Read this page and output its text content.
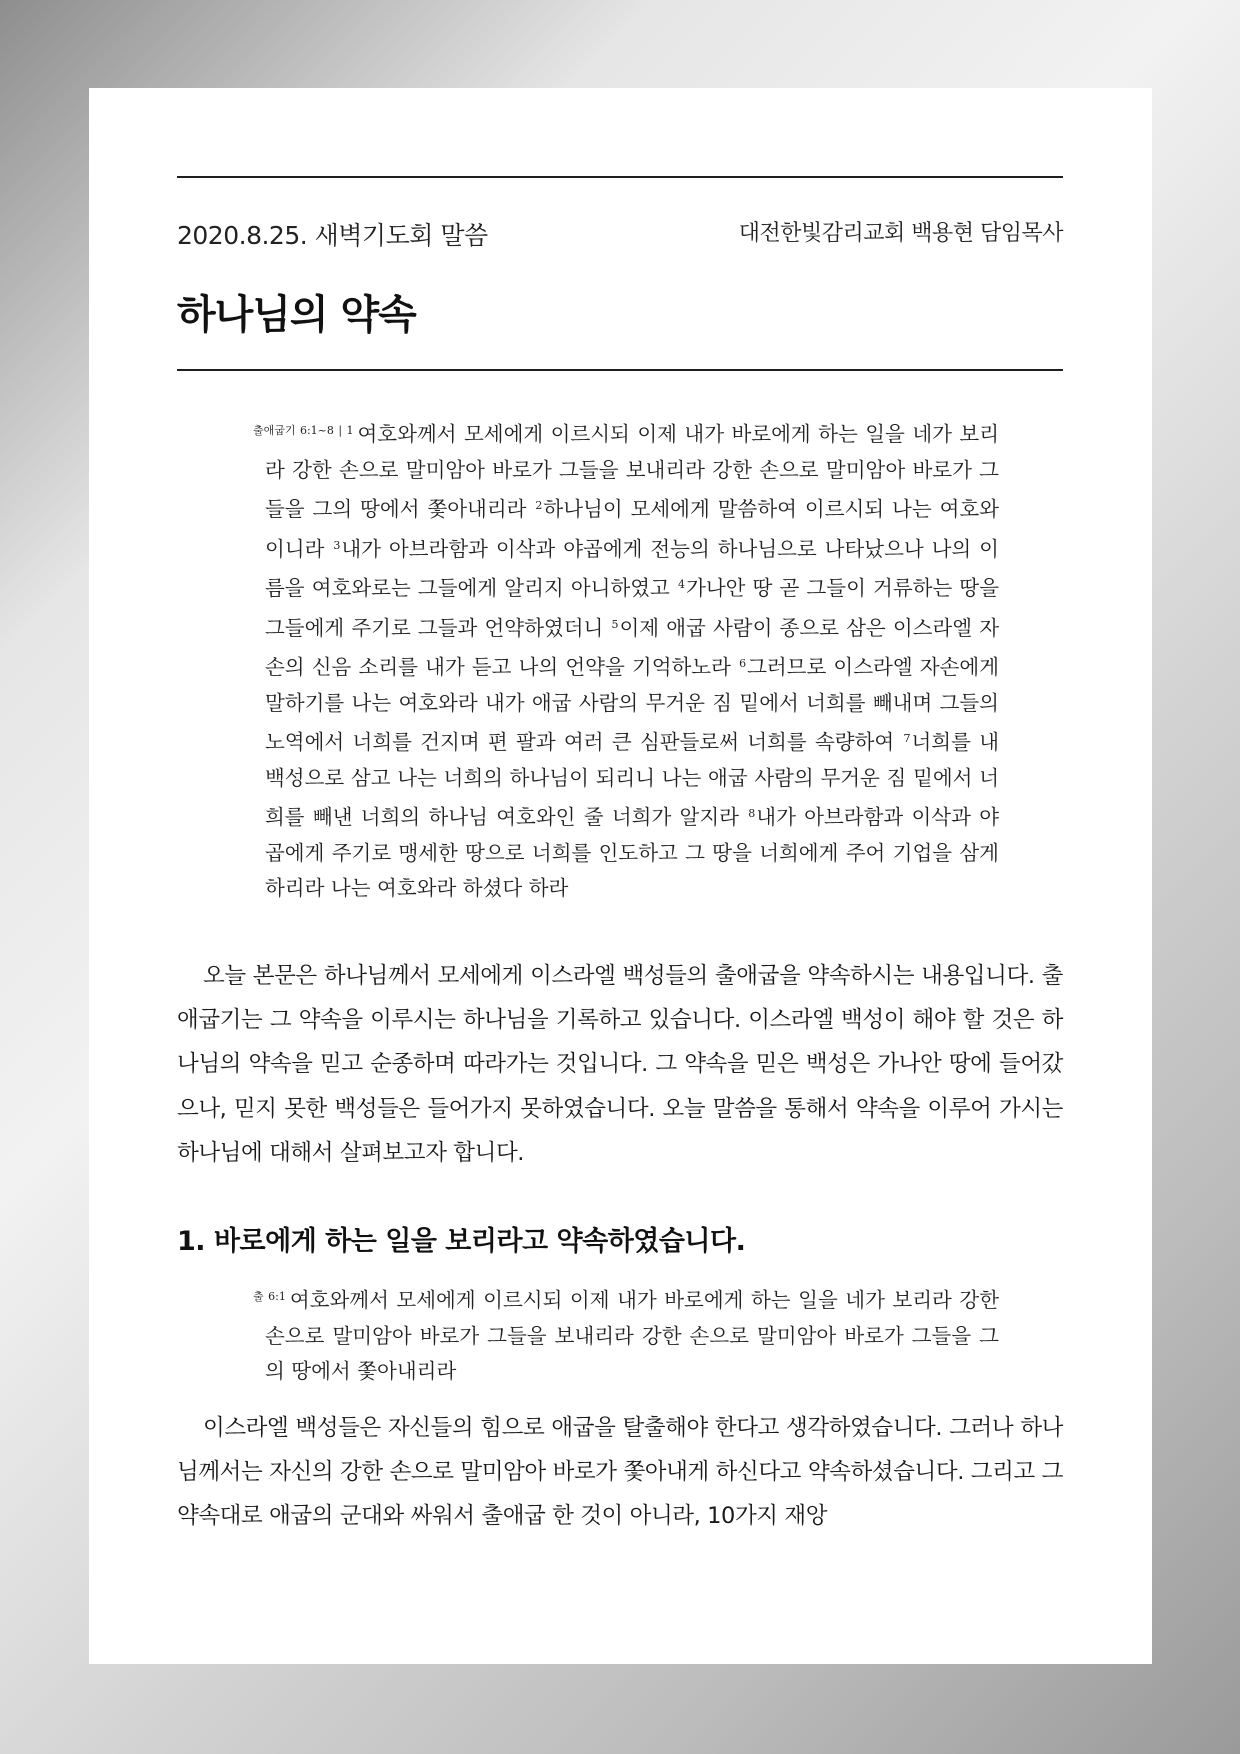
2020.8.25. 새벽기도회 말씀	대전한빛감리교회 백용현 담임목사
하나님의 약속

$^{출애굽기 6:1\sim 8 | 1}$ 여호와께서 모세에게 이르시되 이제 내가 바로에게 하는 일을 네가 보리라 강한 손으로 말미암아 바로가 그들을 보내리라 강한 손으로 말미암아 바로가 그들을 그의 땅에서 쫓아내리라 $^2$하나님이 모세에게 말씀하여 이르시되 나는 여호와이니라 $^3$내가 아브라함과 이삭과 야곱에게 전능의 하나님으로 나타났으나 나의 이름을 여호와로는 그들에게 알리지 아니하였고 $^4$가나안 땅 곧 그들이 거류하는 땅을 그들에게 주기로 그들과 언약하였더니 $^5$이제 애굽 사람이 종으로 삼은 이스라엘 자손의 신음 소리를 내가 듣고 나의 언약을 기억하노라 $^6$그러므로 이스라엘 자손에게 말하기를 나는 여호와라 내가 애굽 사람의 무거운 짐 밑에서 너희를 빼내며 그들의 노역에서 너희를 건지며 편 팔과 여러 큰 심판들로써 너희를 속량하여 $^7$너희를 내 백성으로 삼고 나는 너희의 하나님이 되리니 나는 애굽 사람의 무거운 짐 밑에서 너희를 빼낸 너희의 하나님 여호와인 줄 너희가 알지라 $^8$내가 아브라함과 이삭과 야곱에게 주기로 맹세한 땅으로 너희를 인도하고 그 땅을 너희에게 주어 기업을 삼게 하리라 나는 여호와라 하셨다 하라

오늘 본문은 하나님께서 모세에게 이스라엘 백성들의 출애굽을 약속하시는 내용입니다. 출애굽기는 그 약속을 이루시는 하나님을 기록하고 있습니다. 이스라엘 백성이 해야 할 것은 하나님의 약속을 믿고 순종하며 따라가는 것입니다. 그 약속을 믿은 백성은 가나안 땅에 들어갔으나, 믿지 못한 백성들은 들어가지 못하였습니다. 오늘 말씀을 통해서 약속을 이루어 가시는 하나님에 대해서 살펴보고자 합니다.

1. 바로에게 하는 일을 보리라고 약속하였습니다.

$^{출 6:1}$ 여호와께서 모세에게 이르시되 이제 내가 바로에게 하는 일을 네가 보리라 강한 손으로 말미암아 바로가 그들을 보내리라 강한 손으로 말미암아 바로가 그들을 그의 땅에서 쫓아내리라

이스라엘 백성들은 자신들의 힘으로 애굽을 탈출해야 한다고 생각하였습니다. 그러나 하나님께서는 자신의 강한 손으로 말미암아 바로가 쫓아내게 하신다고 약속하셨습니다. 그리고 그 약속대로 애굽의 군대와 싸워서 출애굽 한 것이 아니라, 10가지 재앙
